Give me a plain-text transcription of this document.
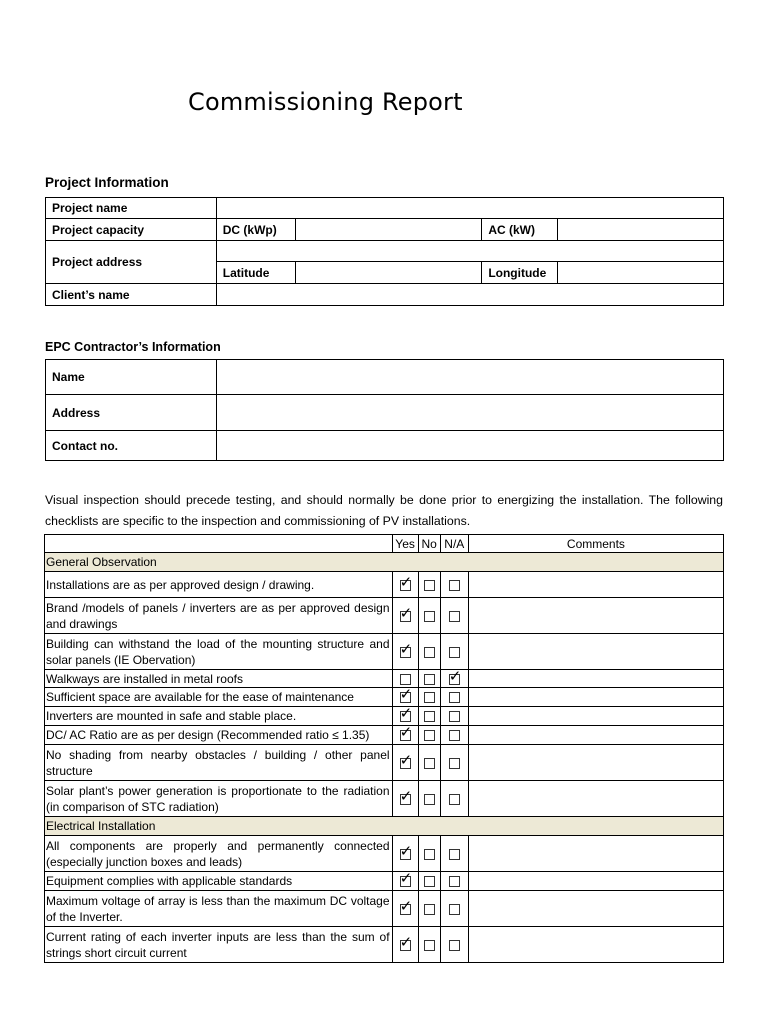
Commissioning Report
Project Information
Project name				
Project capacity	DC (kWp)		AC (kW)	
Project address				
	Latitude		Longitude	
Client’s name				
EPC Contractor’s Information
Name	
Address	
Contact no.	
Visual inspection should precede testing, and should normally be done prior to energizing the installation. The following checklists are specific to the inspection and commissioning of PV installations.
	Yes	No	N/A	Comments
General Observation				
Installations are as per approved design / drawing.	✓			
Brand /models of panels / inverters are as per approved design and drawings	✓			
Building can withstand the load of the mounting structure and solar panels (IE Obervation)	✓			
Walkways are installed in metal roofs			✓	
Sufficient space are available for the ease of maintenance	✓			
Inverters are mounted in safe and stable place.	✓			
DC/ AC Ratio are as per design (Recommended ratio ≤ 1.35)	✓			
No shading from nearby obstacles / building / other panel structure	✓			
Solar plant’s power generation is proportionate to the radiation (in comparison of STC radiation)	✓			
Electrical Installation				
All components are properly and permanently connected (especially junction boxes and leads)	✓			
Equipment complies with applicable standards	✓			
Maximum voltage of array is less than the maximum DC voltage of the Inverter.	✓			
Current rating of each inverter inputs are less than the sum of strings short circuit current	✓			
